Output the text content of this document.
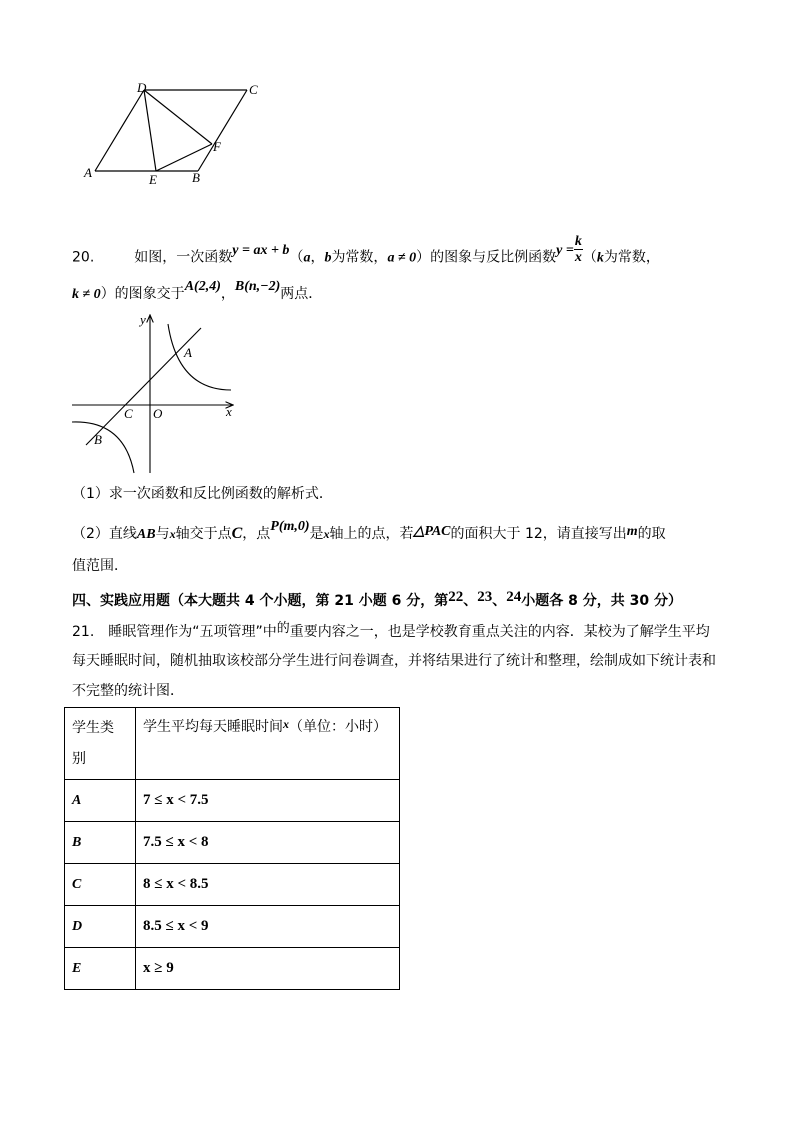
D	C
A	E	B
F
20.	如图，一次函数y = ax + b（a，b为常数，a ≠ 0）的图象与反比例函数$y = \frac{k}{x} (k$为常数，
k ≠ 0）的图象交于A(2,4)，B(n,−2)两点．
y
x
A
B
C O
（1）求一次函数和反比例函数的解析式．
（2）直线AB与x轴交于点C，点P(m,0)是x轴上的点，若△PAC的面积大于 12，请直接写出m的取
值范围．
四、实践应用题（本大题共 4 个小题，第 21 小题 6 分，第22、23、24小题各 8 分，共 30 分）
21.　睡眠管理作为“五项管理”中的重要内容之一，也是学校教育重点关注的内容．某校为了解学生平均
每天睡眠时间，随机抽取该校部分学生进行问卷调查，并将结果进行了统计和整理，绘制成如下统计表和
不完整的统计图．
学生类
别	学生平均每天睡眠时间x（单位：小时）
A	7 ≤ x < 7.5
B	7.5 ≤ x < 8
C	8 ≤ x < 8.5
D	8.5 ≤ x < 9
E	x ≥ 9
